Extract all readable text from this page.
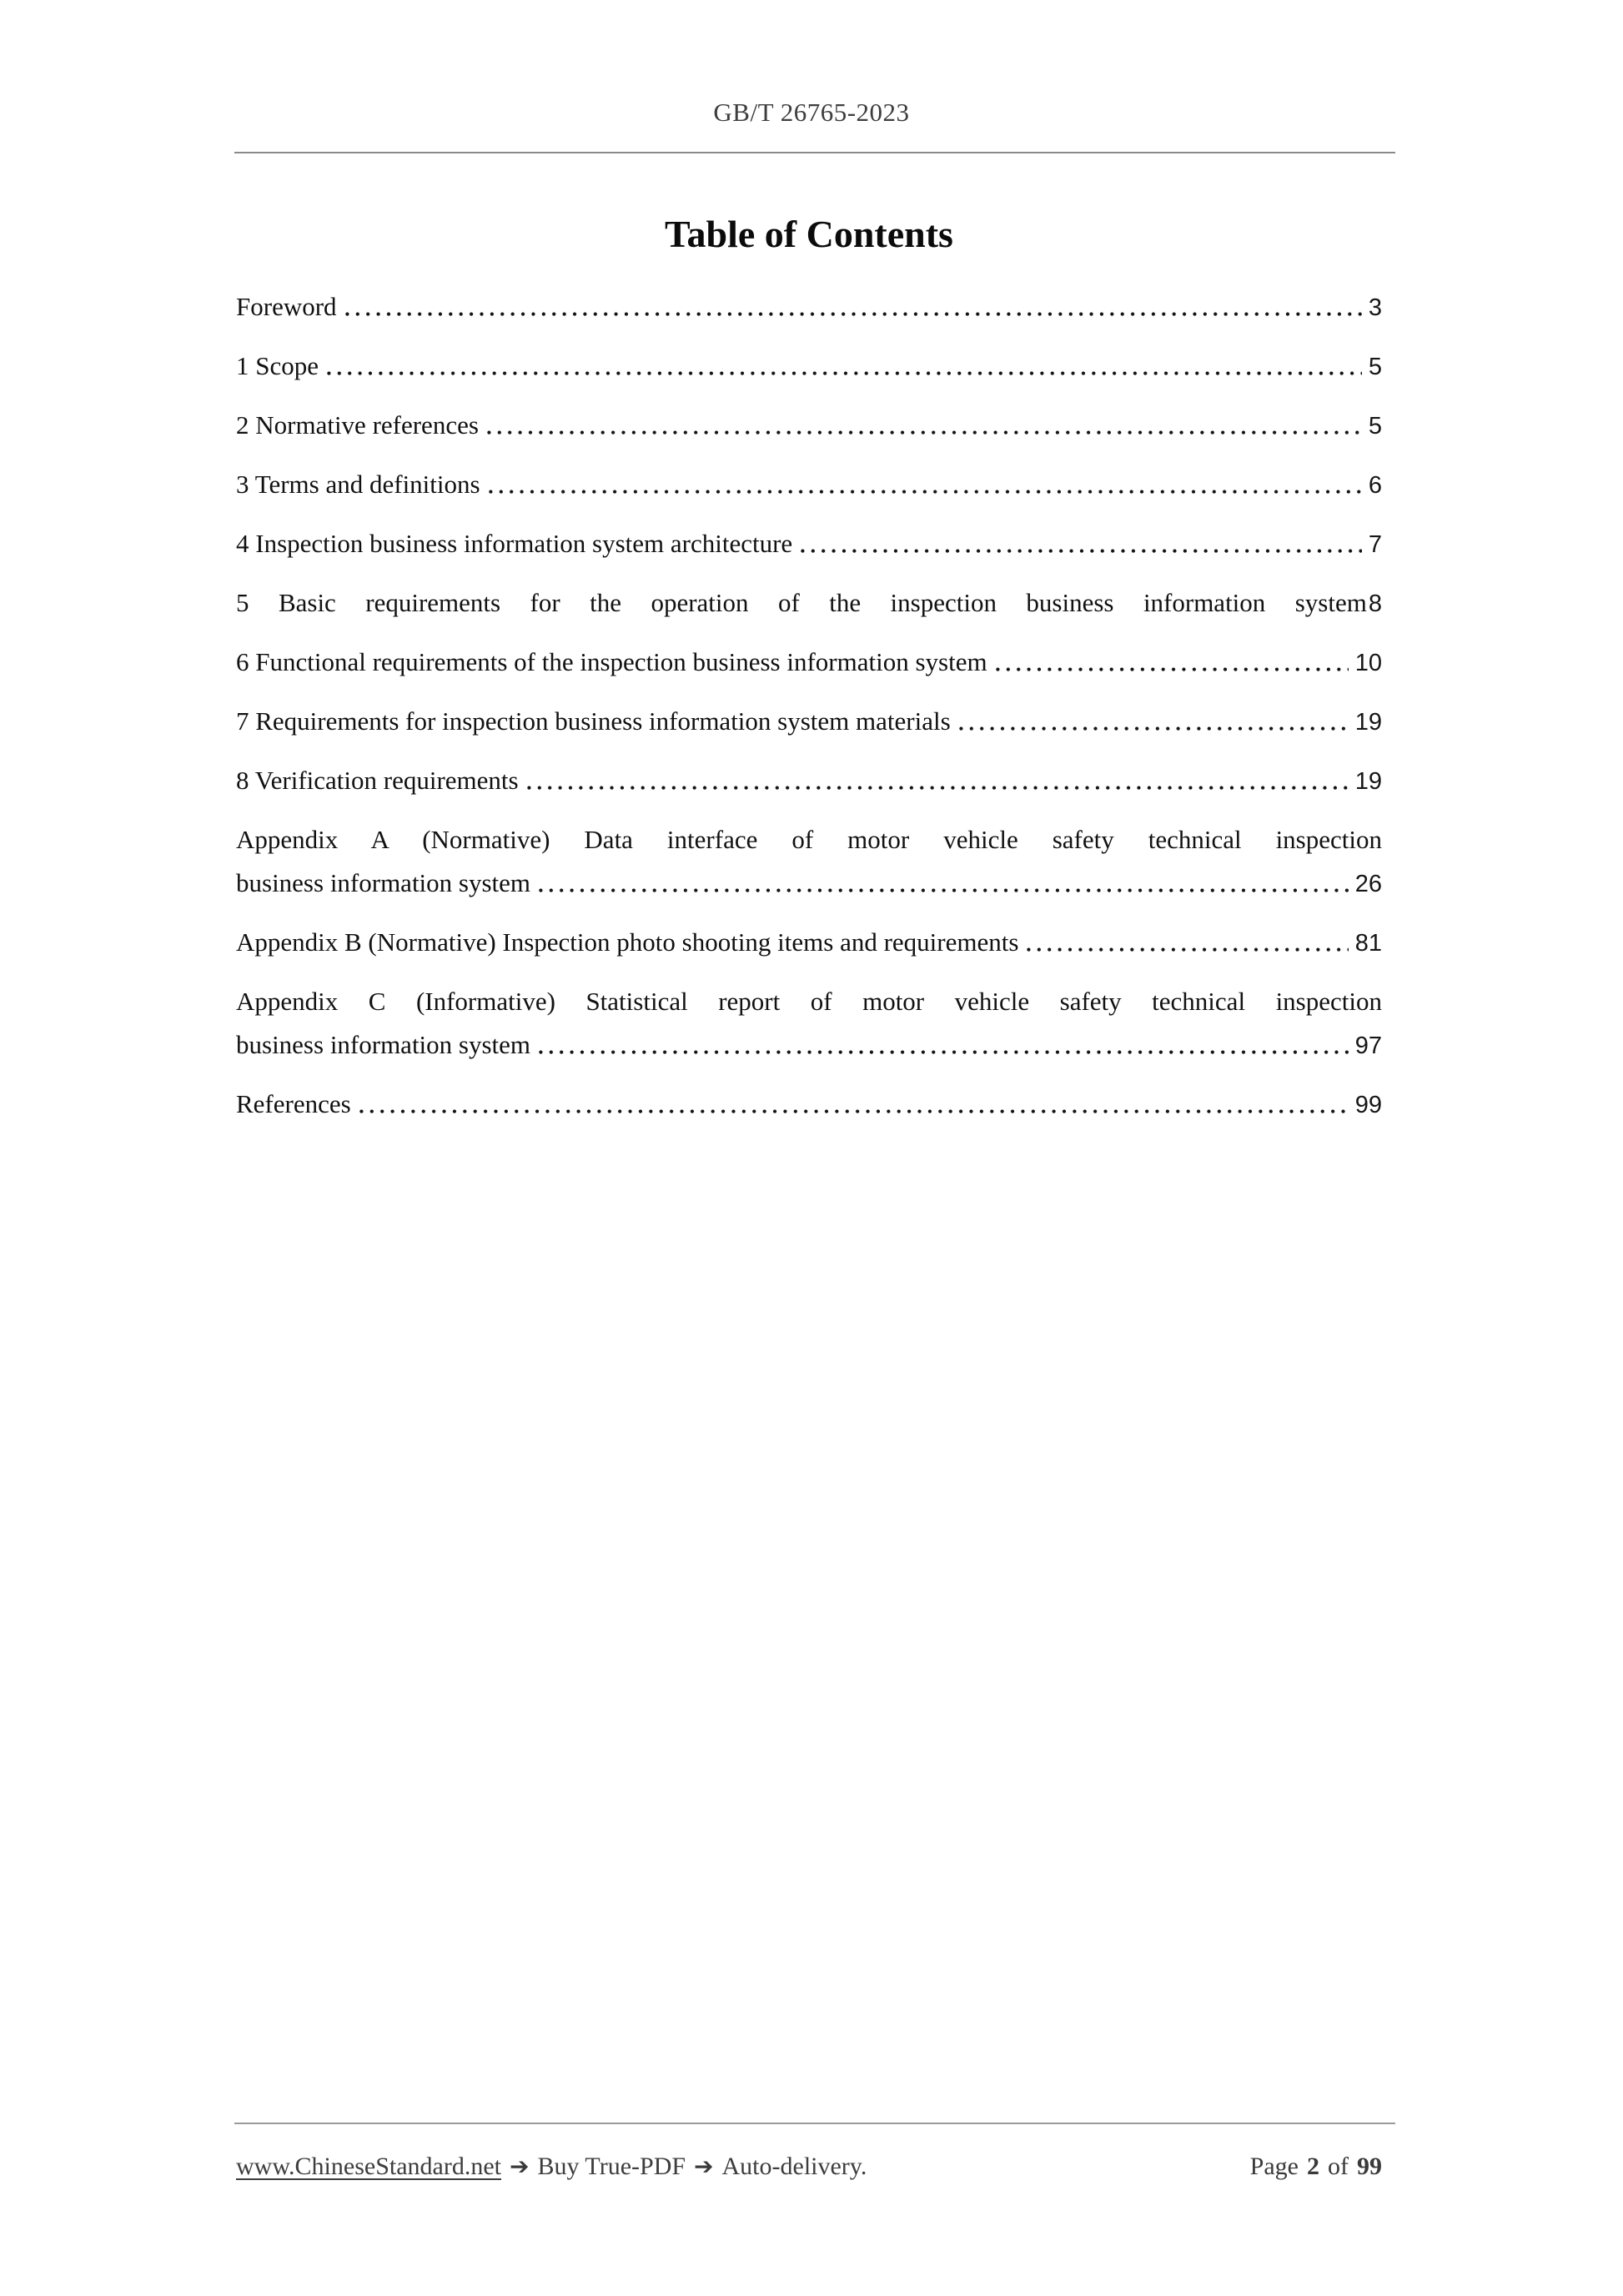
GB/T 26765-2023
Table of Contents
Foreword	3
1 Scope	5
2 Normative references	5
3 Terms and definitions	6
4 Inspection business information system architecture	7
5 Basic requirements for the operation of the inspection business information system 8
6 Functional requirements of the inspection business information system	10
7 Requirements for inspection business information system materials	19
8 Verification requirements	19
Appendix A (Normative) Data interface of motor vehicle safety technical inspection
business information system	26
Appendix B (Normative) Inspection photo shooting items and requirements	81
Appendix C (Informative) Statistical report of motor vehicle safety technical inspection
business information system	97
References	99
www.ChineseStandard.net ➔ Buy True-PDF ➔ Auto-delivery.	Page 2 of 99
